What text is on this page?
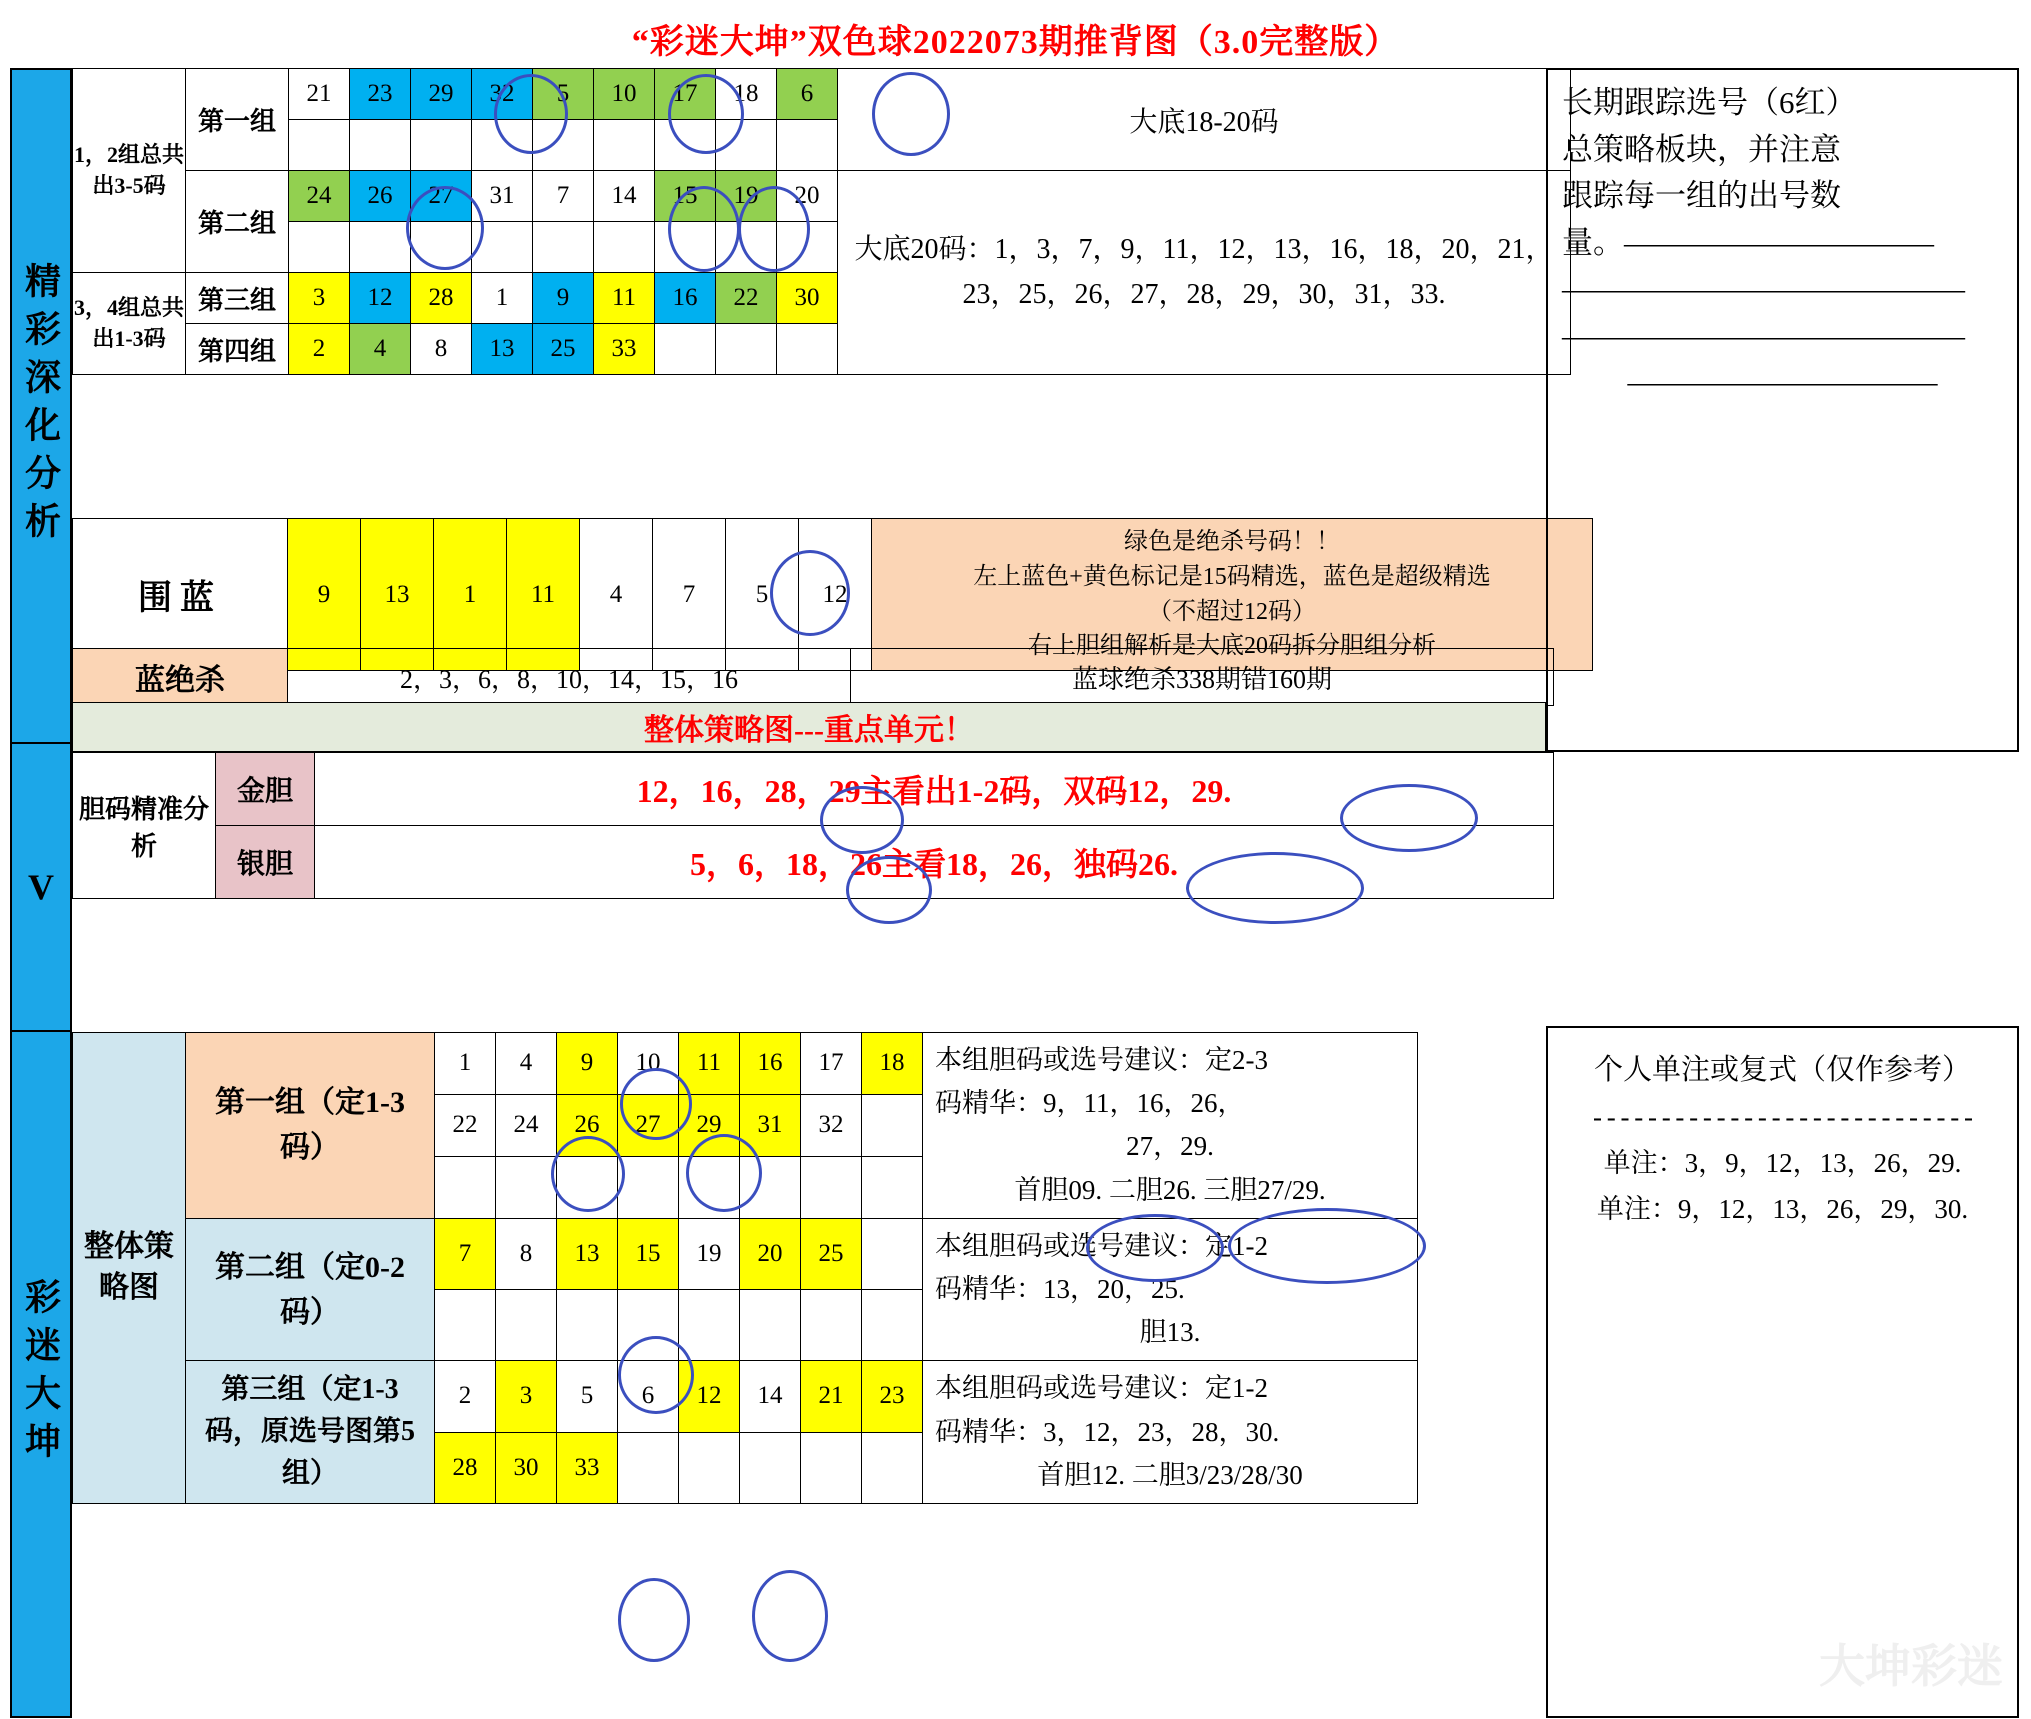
“彩迷大坤”双色球2022073期推背图（3.0完整版）
精彩深化分析
V
彩迷大坤
1，2组总共出3-5码	第一组	21	23	29	32	5	10	17	18	6	大底18-20码

	第二组	24	26	27	31	7	14	15	19	20	大底20码：1，3，7，9，11，12，13，16，18，20，21，23，25，26，27，28，29，30，31，33.

3，4组总共出1-3码	第三组	3	12	28	1	9	11	16	22	30	
	第四组	2	4	8	13	25	33				
围蓝	9	13	1	11	4	7	5	12	
绿色是绝杀号码！！
左上蓝色+黄色标记是15码精选，蓝色是超级精选
（不超过12码）
右上胆组解析是大底20码拆分胆组分析
蓝绝杀	2，3，6，8，10，14，15，16	蓝球绝杀338期错160期
整体策略图---重点单元！
胆码精准分析	金胆	12，16，28，29主看出1-2码，双码12，29.
	银胆	5，6，18，26主看18，26，独码26.
整体策略图	第一组（定1-3码）	1	4	9	10	11	16	17	18	本组胆码或选号建议：定2-3
码精华：9，11，16，26，
27，29.
首胆09. 二胆26. 三胆27/29.

		22	24	26	27	29	31	32		

	第二组（定0-2码）	7	8	13	15	19	20	25		本组胆码或选号建议：定1-2
码精华：13，20，25.
胆13.

	第三组（定1-3码，原选号图第5组）	2	3	5	6	12	14	21	23	本组胆码或选号建议：定1-2
码精华：3，12，23，28，30.
首胆12. 二胆3/23/28/30

		28	30	33						
长期跟踪选号（6红）
总策略板块，并注意
跟踪每一组的出号数
量。——————————
—————————————
—————————————
——————————
个人单注或复式（仅作参考）
- - - - - - - - - - - - - - - - - - - - - - - - - - - -
单注：3，9，12，13，26，29.
单注：9，12，13，26，29，30.
大坤彩迷
